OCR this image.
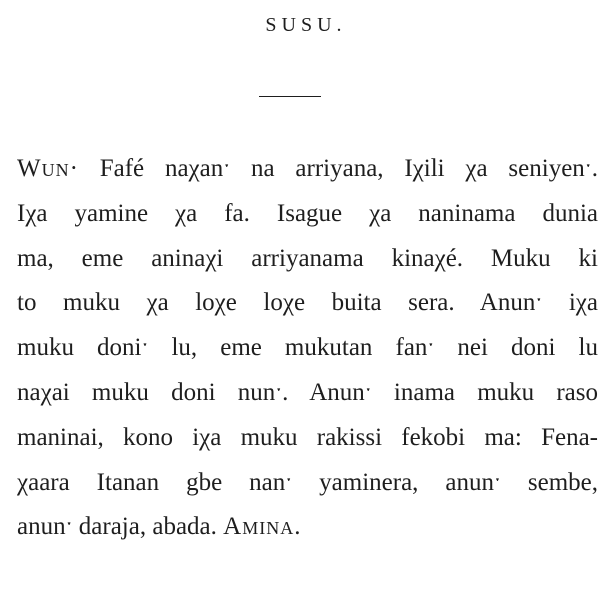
SUSU.
Wun· Fafé naχanˑ na arriyana, Iχili χa seniyenˑ.
Iχa yamine χa fa. Isague χa naninama dunia
ma, eme aninaχi arriyanama kinaχé. Muku ki
to muku χa loχe loχe buita sera. Anunˑ iχa
muku doniˑ lu, eme mukutan fanˑ nei doni lu
naχai muku doni nunˑ. Anunˑ inama muku raso
maninai, kono iχa muku rakissi fekobi ma: Fena-
χaara Itanan gbe nanˑ yaminera, anunˑ sembe,
anunˑ daraja, abada. Amina.
